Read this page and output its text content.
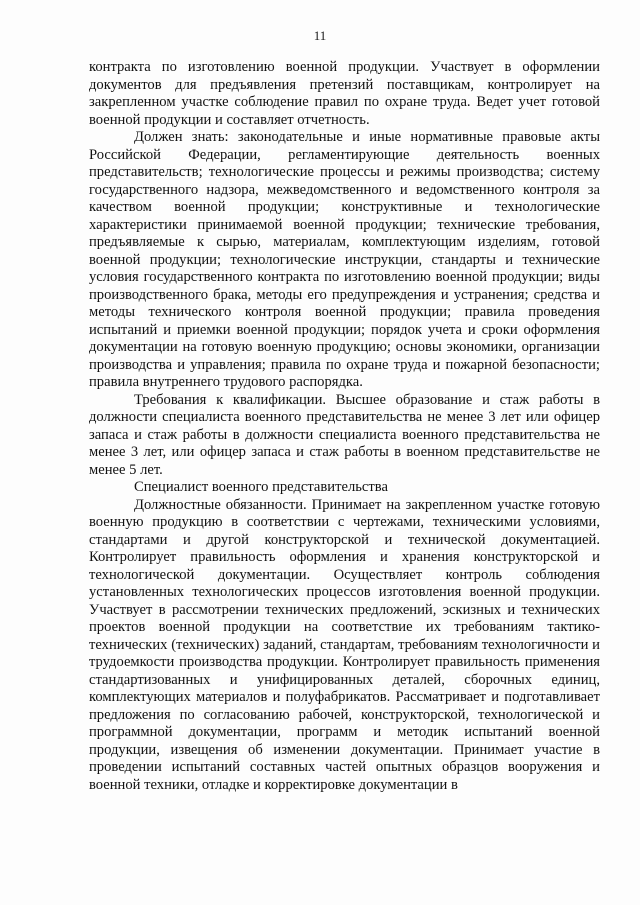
11

контракта по изготовлению военной продукции. Участвует в оформлении документов для предъявления претензий поставщикам, контролирует на закрепленном участке соблюдение правил по охране труда. Ведет учет готовой военной продукции и составляет отчетность.

Должен знать: законодательные и иные нормативные правовые акты Российской Федерации, регламентирующие деятельность военных представительств; технологические процессы и режимы производства; систему государственного надзора, межведомственного и ведомственного контроля за качеством военной продукции; конструктивные и технологические характеристики принимаемой военной продукции; технические требования, предъявляемые к сырью, материалам, комплектующим изделиям, готовой военной продукции; технологические инструкции, стандарты и технические условия государственного контракта по изготовлению военной продукции; виды производственного брака, методы его предупреждения и устранения; средства и методы технического контроля военной продукции; правила проведения испытаний и приемки военной продукции; порядок учета и сроки оформления документации на готовую военную продукцию; основы экономики, организации производства и управления; правила по охране труда и пожарной безопасности; правила внутреннего трудового распорядка.

Требования к квалификации. Высшее образование и стаж работы в должности специалиста военного представительства не менее 3 лет или офицер запаса и стаж работы в должности специалиста военного представительства не менее 3 лет, или офицер запаса и стаж работы в военном представительстве не менее 5 лет.

Специалист военного представительства

Должностные обязанности. Принимает на закрепленном участке готовую военную продукцию в соответствии с чертежами, техническими условиями, стандартами и другой конструкторской и технической документацией. Контролирует правильность оформления и хранения конструкторской и технологической документации. Осуществляет контроль соблюдения установленных технологических процессов изготовления военной продукции. Участвует в рассмотрении технических предложений, эскизных и технических проектов военной продукции на соответствие их требованиям тактико-технических (технических) заданий, стандартам, требованиям технологичности и трудоемкости производства продукции. Контролирует правильность применения стандартизованных и унифицированных деталей, сборочных единиц, комплектующих материалов и полуфабрикатов. Рассматривает и подготавливает предложения по согласованию рабочей, конструкторской, технологической и программной документации, программ и методик испытаний военной продукции, извещения об изменении документации. Принимает участие в проведении испытаний составных частей опытных образцов вооружения и военной техники, отладке и корректировке документации в
